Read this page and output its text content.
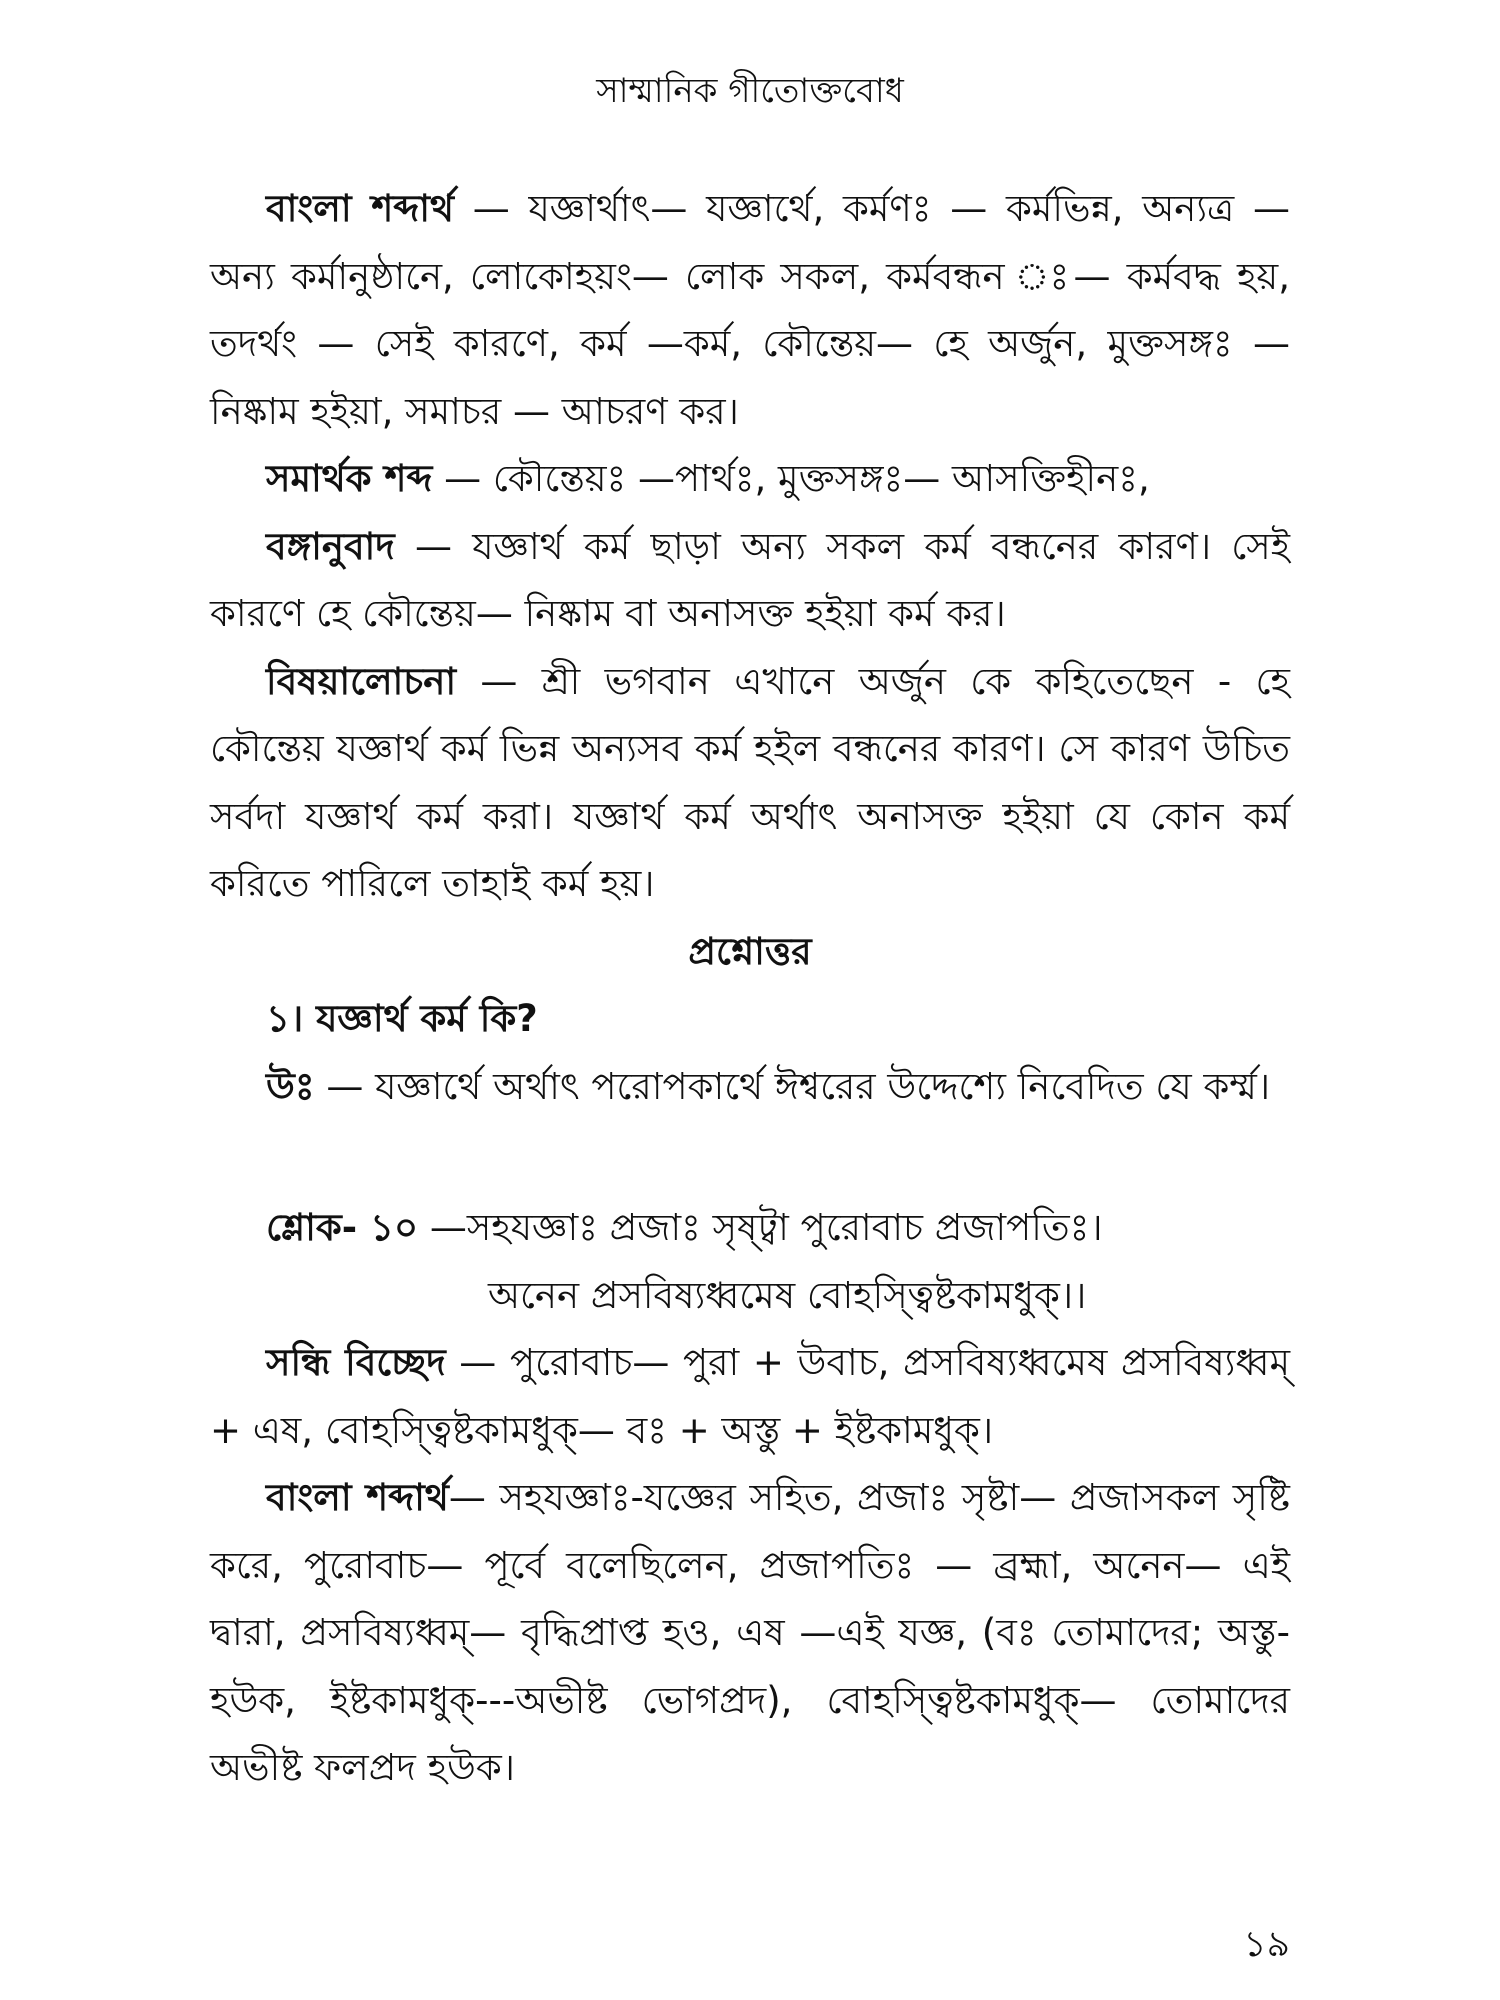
সাম্মানিক গীতোক্তবোধ

বাংলা শব্দার্থ — যজ্ঞার্থাৎ— যজ্ঞার্থে, কর্মণঃ — কর্মভিন্ন, অন্যত্র — অন্য কর্মানুষ্ঠানে, লোকোহয়ং— লোক সকল, কর্মবন্ধন ঃ— কর্মবদ্ধ হয়, তদর্থং — সেই কারণে, কর্ম —কর্ম, কৌন্তেয়— হে অর্জুন, মুক্তসঙ্গঃ — নিষ্কাম হইয়া, সমাচর — আচরণ কর।

সমার্থক শব্দ — কৌন্তেয়ঃ —পার্থঃ, মুক্তসঙ্গঃ— আসক্তিহীনঃ,

বঙ্গানুবাদ — যজ্ঞার্থ কর্ম ছাড়া অন্য সকল কর্ম বন্ধনের কারণ। সেই কারণে হে কৌন্তেয়— নিষ্কাম বা অনাসক্ত হইয়া কর্ম কর।

বিষয়ালোচনা — শ্রী ভগবান এখানে অর্জুন কে কহিতেছেন - হে কৌন্তেয় যজ্ঞার্থ কর্ম ভিন্ন অন্যসব কর্ম হইল বন্ধনের কারণ। সে কারণ উচিত সর্বদা যজ্ঞার্থ কর্ম করা। যজ্ঞার্থ কর্ম অর্থাৎ অনাসক্ত হইয়া যে কোন কর্ম করিতে পারিলে তাহাই কর্ম হয়।

প্রশ্নোত্তর

১। যজ্ঞার্থ কর্ম কি?

উঃ — যজ্ঞার্থে অর্থাৎ পরোপকার্থে ঈশ্বরের উদ্দেশ্যে নিবেদিত যে কর্ম্ম।

শ্লোক- ১০ —সহযজ্ঞাঃ প্রজাঃ সৃষ্ট্বা পুরোবাচ প্রজাপতিঃ।

অনেন প্রসবিষ্যধ্বমেষ বোহস্ত্বিষ্টকামধুক্।।

সন্ধি বিচ্ছেদ — পুরোবাচ— পুরা + উবাচ, প্রসবিষ্যধ্বমেষ প্রসবিষ্যধ্বম্ + এষ, বোহস্ত্বিষ্টকামধুক্— বঃ + অস্তু + ইষ্টকামধুক্।

বাংলা শব্দার্থ— সহযজ্ঞাঃ-যজ্ঞের সহিত, প্রজাঃ সৃষ্টা— প্রজাসকল সৃষ্টি করে, পুরোবাচ— পূর্বে বলেছিলেন, প্রজাপতিঃ — ব্রহ্মা, অনেন— এই দ্বারা, প্রসবিষ্যধ্বম্— বৃদ্ধিপ্রাপ্ত হও, এষ —এই যজ্ঞ, (বঃ তোমাদের; অস্তু-হউক, ইষ্টকামধুক্---অভীষ্ট ভোগপ্রদ), বোহস্ত্বিষ্টকামধুক্— তোমাদের অভীষ্ট ফলপ্রদ হউক।

১৯
